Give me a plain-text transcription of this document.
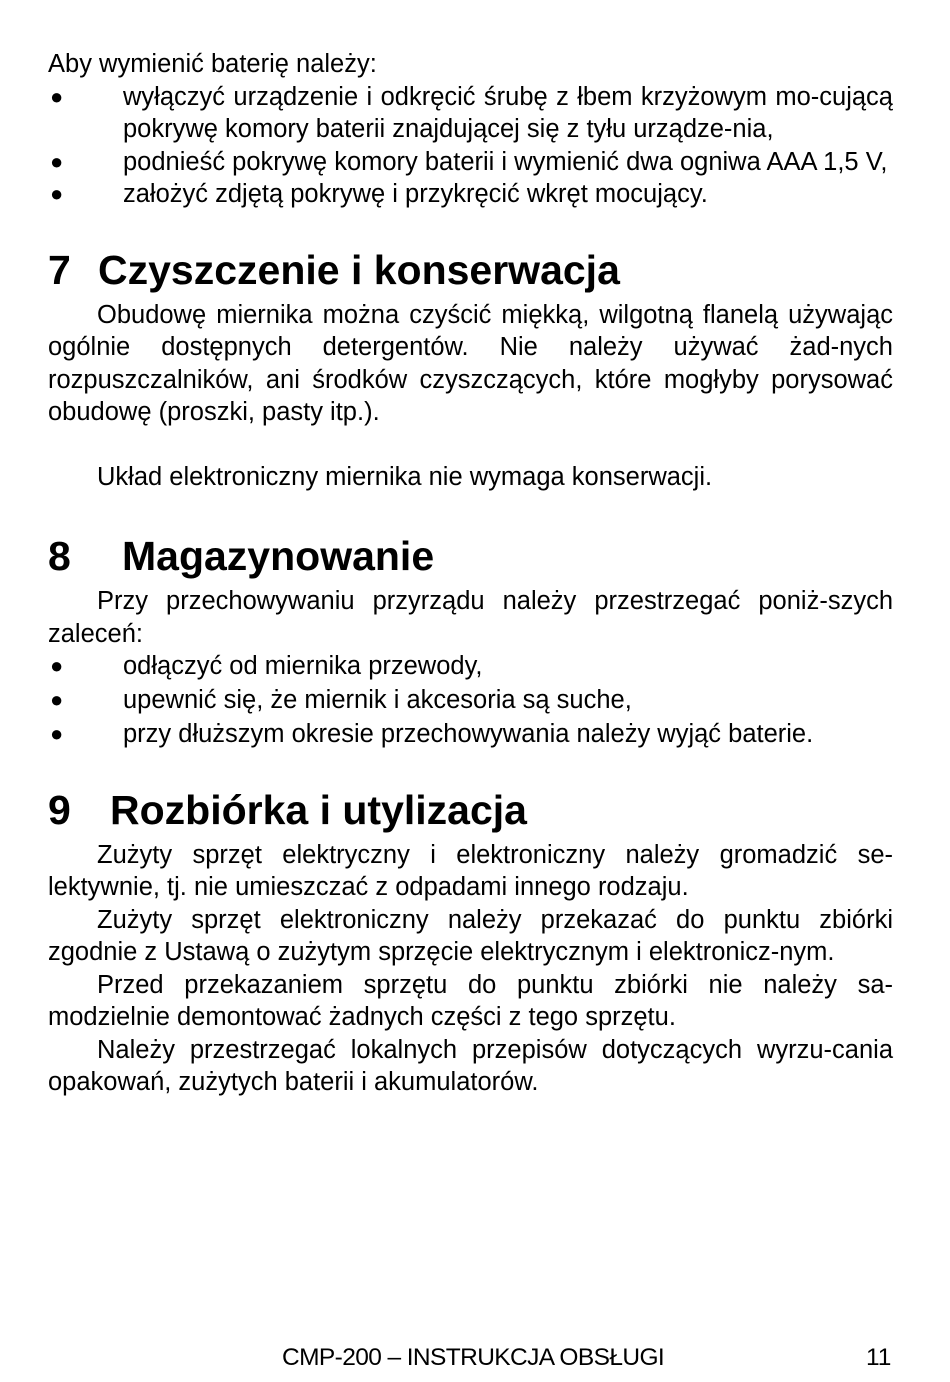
Aby wymienić baterię należy:

● wyłączyć urządzenie i odkręcić śrubę z łbem krzyżowym mo-cującą pokrywę komory baterii znajdującej się z tyłu urządze-nia,
● podnieść pokrywę komory baterii i wymienić dwa ogniwa AAA 1,5 V,
● założyć zdjętą pokrywę i przykręcić wkręt mocujący.
7 Czyszczenie i konserwacja

Obudowę miernika można czyścić miękką, wilgotną flanelą używając ogólnie dostępnych detergentów. Nie należy używać żad-nych rozpuszczalników, ani środków czyszczących, które mogłyby porysować obudowę (proszki, pasty itp.).

Układ elektroniczny miernika nie wymaga konserwacji.

8	Magazynowanie

Przy przechowywaniu przyrządu należy przestrzegać poniż-szych zaleceń:

● odłączyć od miernika przewody,
● upewnić się, że miernik i akcesoria są suche,
● przy dłuższym okresie przechowywania należy wyjąć baterie.
9 Rozbiórka i utylizacja

Zużyty sprzęt elektryczny i elektroniczny należy gromadzić se-lektywnie, tj. nie umieszczać z odpadami innego rodzaju.

Zużyty sprzęt elektroniczny należy przekazać do punktu zbiórki zgodnie z Ustawą o zużytym sprzęcie elektrycznym i elektronicz-nym.

Przed przekazaniem sprzętu do punktu zbiórki nie należy sa-modzielnie demontować żadnych części z tego sprzętu.

Należy przestrzegać lokalnych przepisów dotyczących wyrzu-cania opakowań, zużytych baterii i akumulatorów.

CMP-200 – INSTRUKCJA OBSŁUGI	11
